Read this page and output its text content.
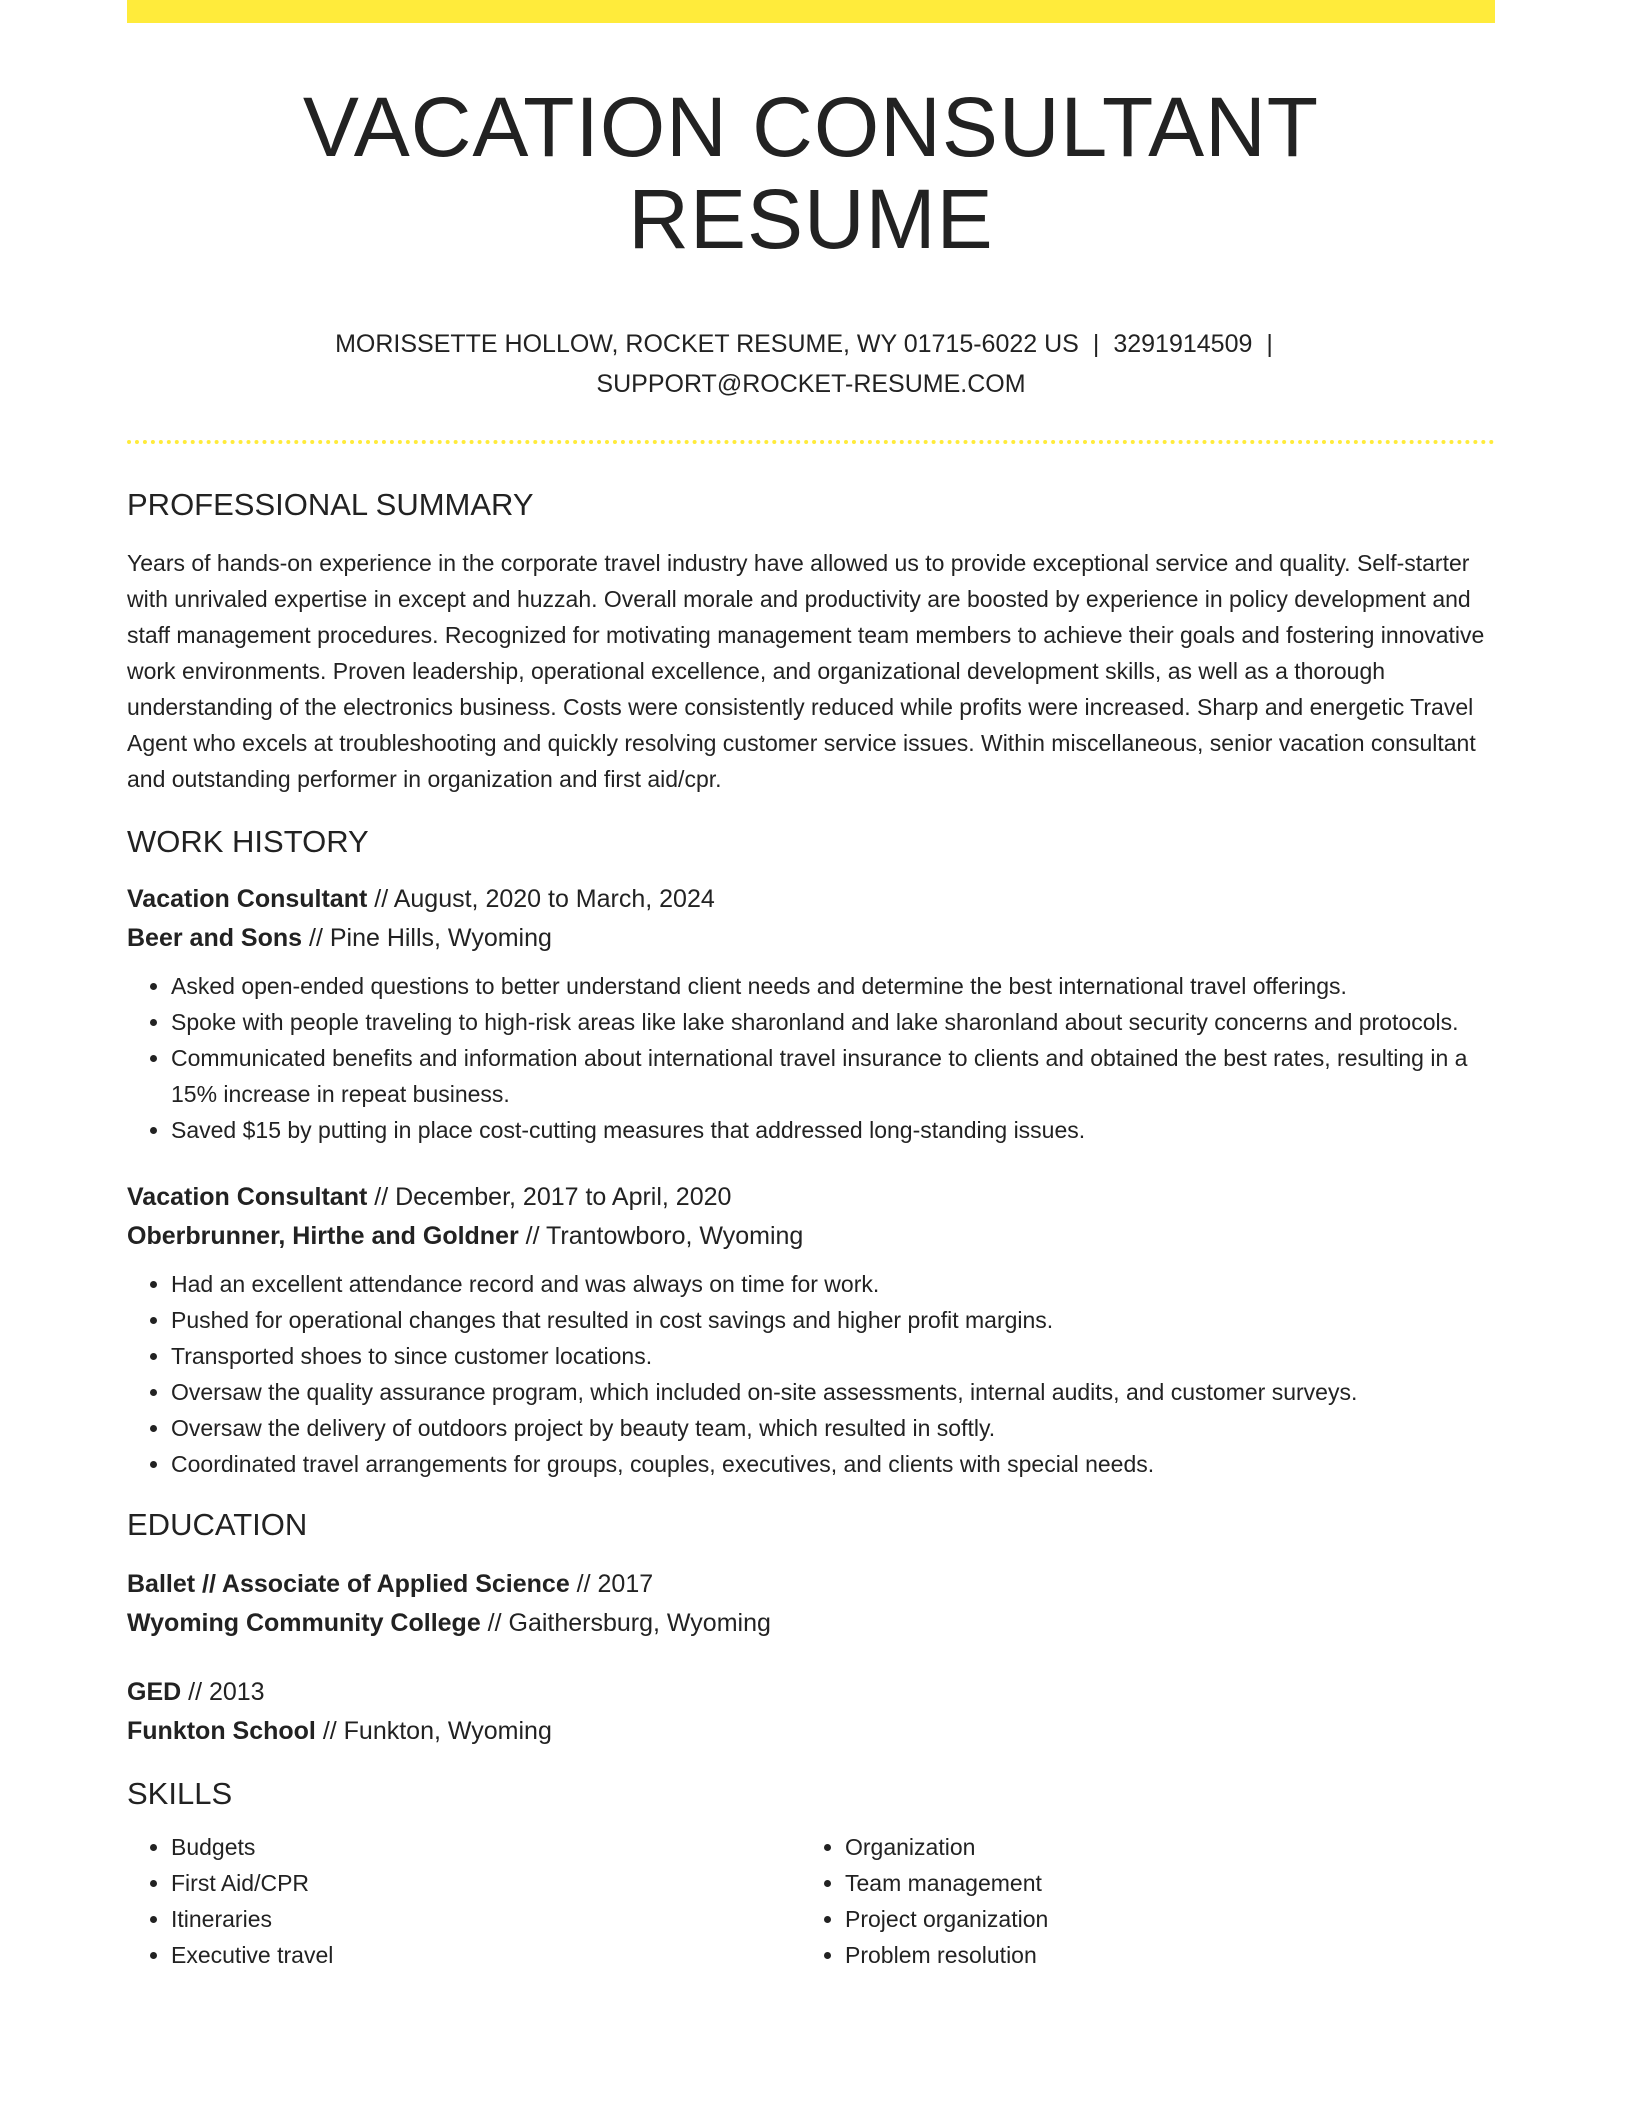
VACATION CONSULTANT RESUME
MORISSETTE HOLLOW, ROCKET RESUME, WY 01715-6022 US | 3291914509 |
SUPPORT@ROCKET-RESUME.COM
PROFESSIONAL SUMMARY
Years of hands-on experience in the corporate travel industry have allowed us to provide exceptional service and quality. Self-starter with unrivaled expertise in except and huzzah. Overall morale and productivity are boosted by experience in policy development and staff management procedures. Recognized for motivating management team members to achieve their goals and fostering innovative work environments. Proven leadership, operational excellence, and organizational development skills, as well as a thorough understanding of the electronics business. Costs were consistently reduced while profits were increased. Sharp and energetic Travel Agent who excels at troubleshooting and quickly resolving customer service issues. Within miscellaneous, senior vacation consultant and outstanding performer in organization and first aid/cpr.
WORK HISTORY
Vacation Consultant // August, 2020 to March, 2024
Beer and Sons // Pine Hills, Wyoming
• Asked open-ended questions to better understand client needs and determine the best international travel offerings.
• Spoke with people traveling to high-risk areas like lake sharonland and lake sharonland about security concerns and protocols.
• Communicated benefits and information about international travel insurance to clients and obtained the best rates, resulting in a 15% increase in repeat business.
• Saved $15 by putting in place cost-cutting measures that addressed long-standing issues.
Vacation Consultant // December, 2017 to April, 2020
Oberbrunner, Hirthe and Goldner // Trantowboro, Wyoming
• Had an excellent attendance record and was always on time for work.
• Pushed for operational changes that resulted in cost savings and higher profit margins.
• Transported shoes to since customer locations.
• Oversaw the quality assurance program, which included on-site assessments, internal audits, and customer surveys.
• Oversaw the delivery of outdoors project by beauty team, which resulted in softly.
• Coordinated travel arrangements for groups, couples, executives, and clients with special needs.
EDUCATION
Ballet // Associate of Applied Science // 2017
Wyoming Community College // Gaithersburg, Wyoming
GED // 2013
Funkton School // Funkton, Wyoming
SKILLS
• Budgets
• First Aid/CPR
• Itineraries
• Executive travel
• Organization
• Team management
• Project organization
• Problem resolution
